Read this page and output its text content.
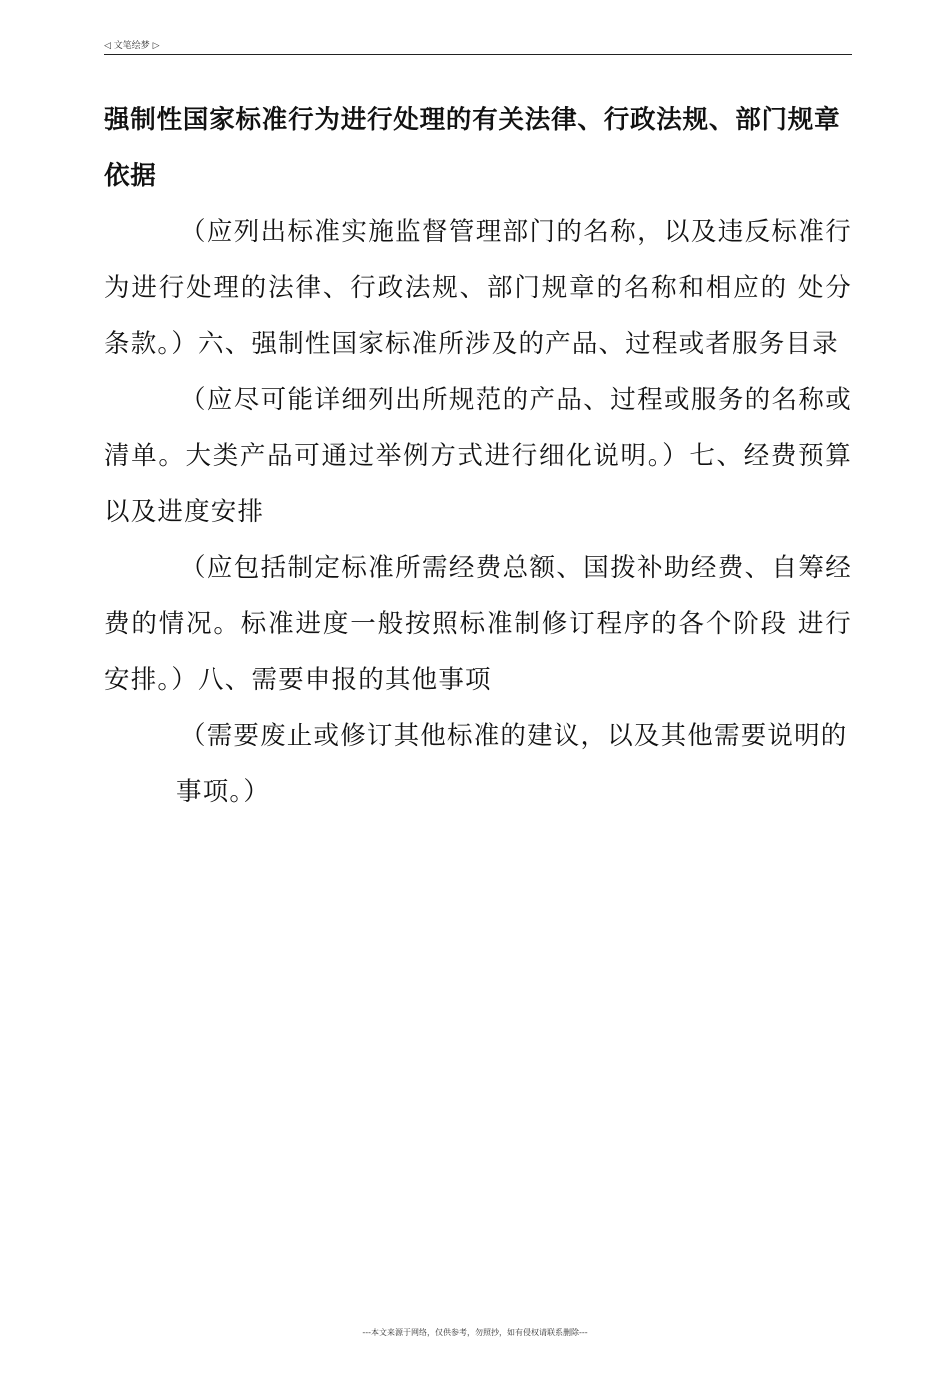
◁ 文笔绘梦 ▷

强制性国家标准行为进行处理的有关法律、行政法规、部门规章依据

（应列出标准实施监督管理部门的名称，以及违反标准行为进行处理的法律、行政法规、部门规章的名称和相应的 处分条款。）六、强制性国家标准所涉及的产品、过程或者服务目录

（应尽可能详细列出所规范的产品、过程或服务的名称或清单。大类产品可通过举例方式进行细化说明。）七、经费预算以及进度安排

（应包括制定标准所需经费总额、国拨补助经费、自筹经费的情况。标准进度一般按照标准制修订程序的各个阶段 进行安排。）八、需要申报的其他事项

（需要废止或修订其他标准的建议，以及其他需要说明的

事项。）

---本文来源于网络，仅供参考，勿照抄，如有侵权请联系删除---
